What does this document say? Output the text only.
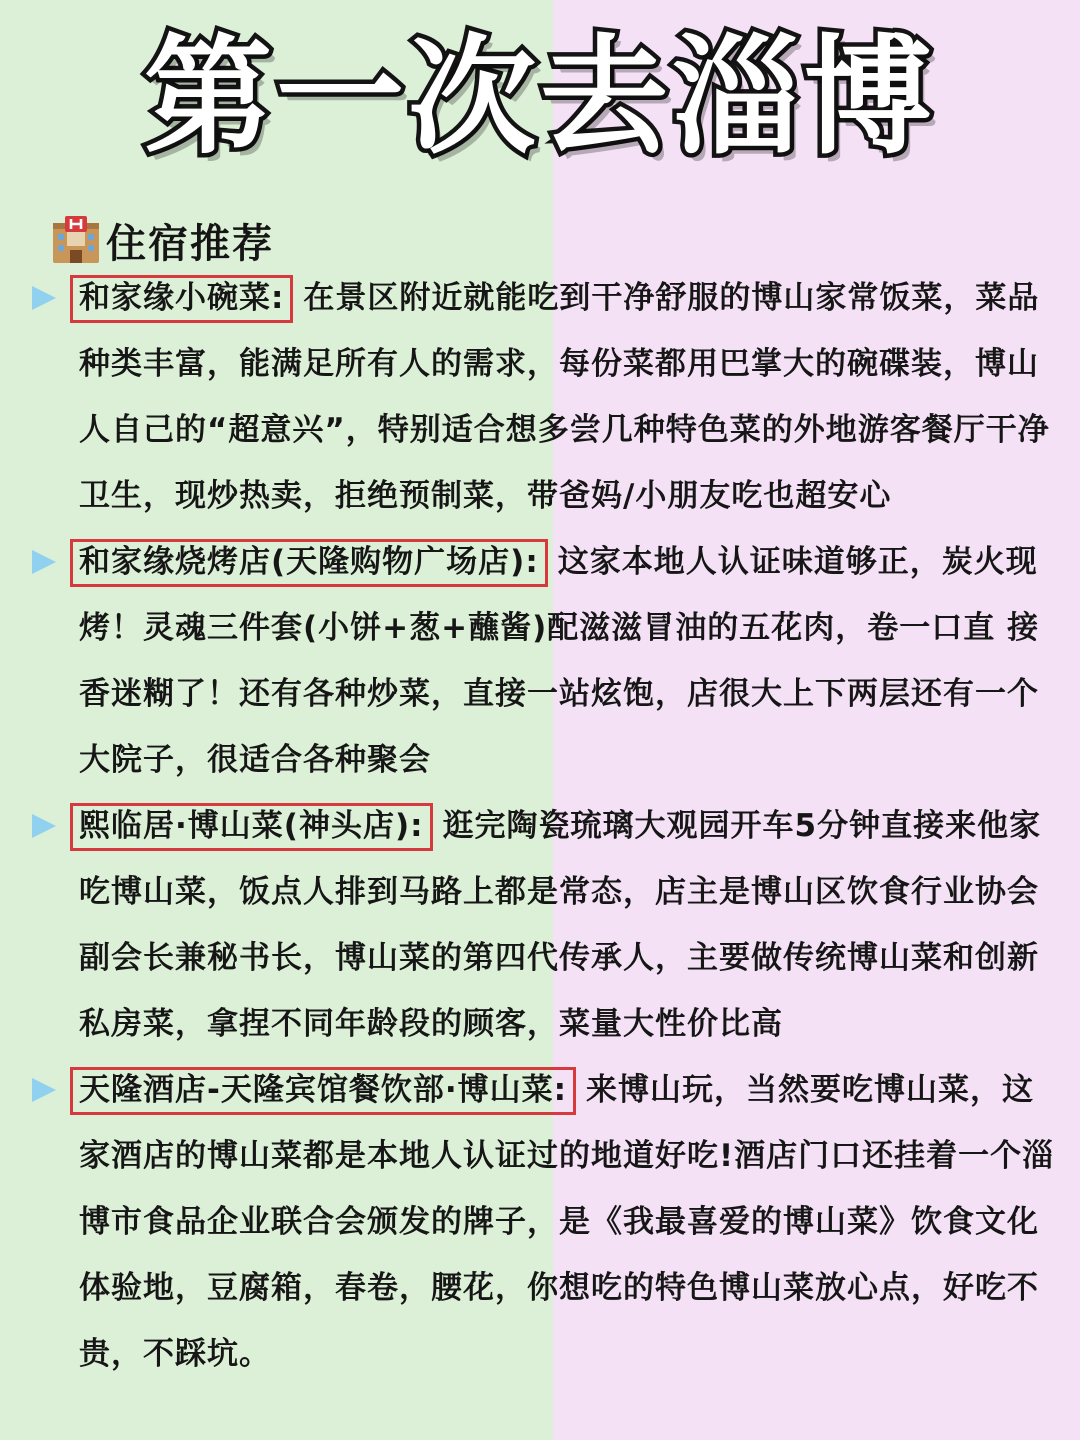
第一次去淄博
住宿推荐

和家缘小碗菜: 在景区附近就能吃到干净舒服的博山家常饭菜，菜品种类丰富，能满足所有人的需求，每份菜都用巴掌大的碗碟装，博山人自己的“超意兴”，特别适合想多尝几种特色菜的外地游客餐厅干净卫生，现炒热卖，拒绝预制菜，带爸妈/小朋友吃也超安心

和家缘烧烤店(天隆购物广场店): 这家本地人认证味道够正，炭火现烤！灵魂三件套(小饼+葱+蘸酱)配滋滋冒油的五花肉，卷一口直 接香迷糊了！还有各种炒菜，直接一站炫饱，店很大上下两层还有一个大院子，很适合各种聚会

熙临居·博山菜(神头店): 逛完陶瓷琉璃大观园开车5分钟直接来他家吃博山菜，饭点人排到马路上都是常态，店主是博山区饮食行业协会副会长兼秘书长，博山菜的第四代传承人，主要做传统博山菜和创新私房菜，拿捏不同年龄段的顾客，菜量大性价比高

天隆酒店-天隆宾馆餐饮部·博山菜: 来博山玩，当然要吃博山菜，这家酒店的博山菜都是本地人认证过的地道好吃!酒店门口还挂着一个淄博市食品企业联合会颁发的牌子，是《我最喜爱的博山菜》饮食文化体验地，豆腐箱，春卷，腰花，你想吃的特色博山菜放心点，好吃不贵，不踩坑。
